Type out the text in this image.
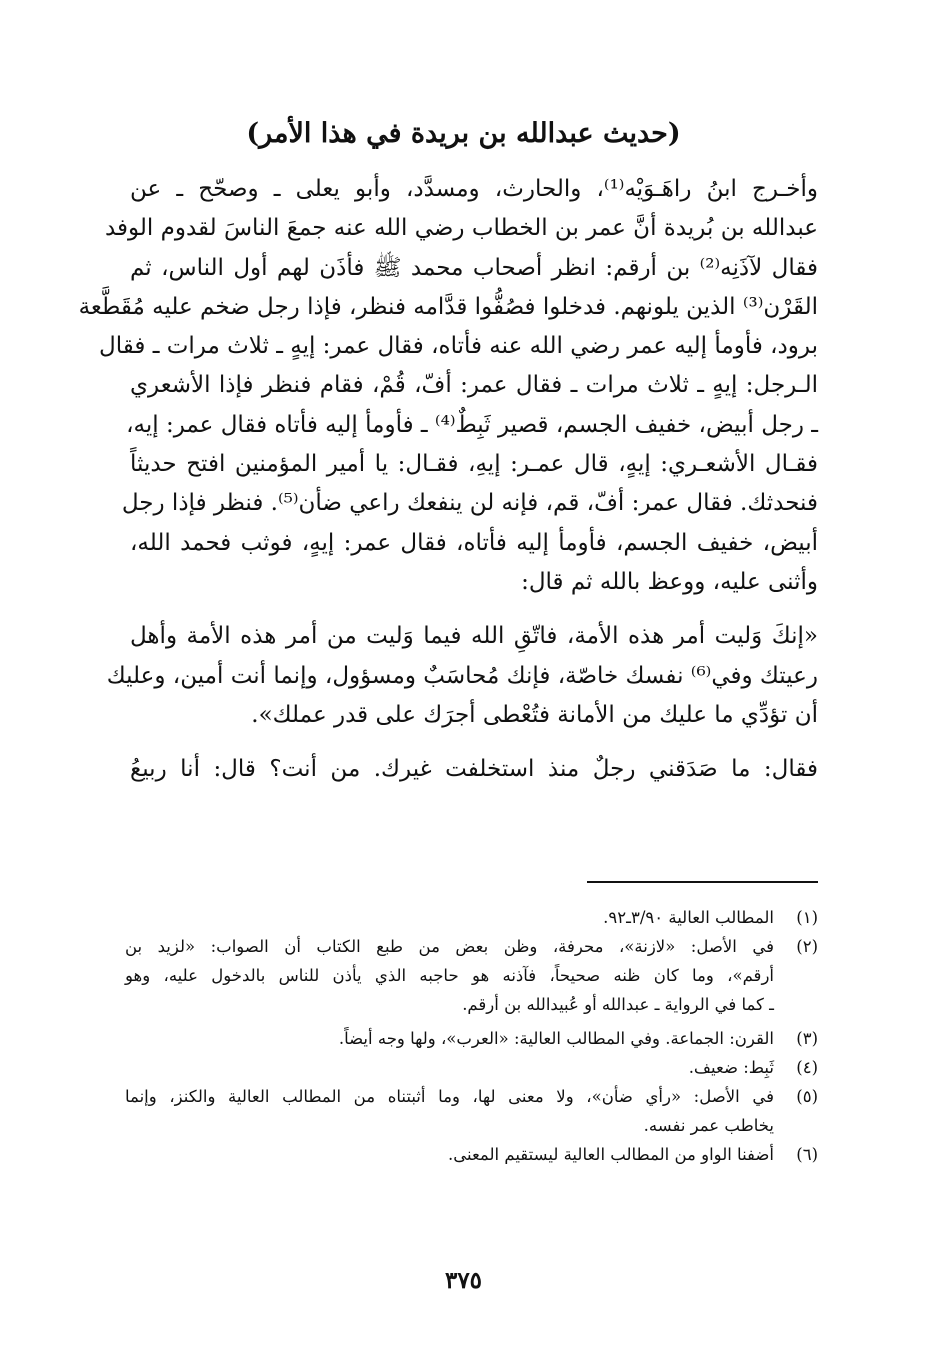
(حديث عبدالله بن بريدة في هذا الأمر)
وأخـرج ابنُ راهَـوَيْه⁽¹⁾، والحارث، ومسدَّد، وأبو يعلى ـ وصحّح ـ عن
عبدالله بن بُريدة أنَّ عمر بن الخطاب رضي الله عنه جمعَ الناسَ لقدوم الوفد
فقال لآذَنِه⁽²⁾ بن أرقم: انظر أصحاب محمد ﷺ فأذَن لهم أول الناس، ثم
القَرْن⁽³⁾ الذين يلونهم. فدخلوا فصُفُّوا قدَّامه فنظر، فإذا رجل ضخم عليه مُقَطَّعة
برود، فأومأ إليه عمر رضي الله عنه فأتاه، فقال عمر: إيهٍ ـ ثلاث مرات ـ فقال
الـرجل: إيهٍ ـ ثلاث مرات ـ فقال عمر: أفّ، قُمْ، فقام فنظر فإذا الأشعري
ـ رجل أبيض، خفيف الجسم، قصير ثَبِطٌ⁽⁴⁾ ـ فأومأ إليه فأتاه فقال عمر: إيه،
فقـال الأشعـري: إيهٍ، قال عمـر: إيهِ، فقـال: يا أمير المؤمنين افتح حديثاً
فنحدثك. فقال عمر: أفّ، قم، فإنه لن ينفعك راعي ضأن⁽⁵⁾. فنظر فإذا رجل
أبيض، خفيف الجسم، فأومأ إليه فأتاه، فقال عمر: إيهٍ، فوثب فحمد الله،
وأثنى عليه، ووعظ بالله ثم قال:
«إنكَ وَليت أمر هذه الأمة، فاتّقِ الله فيما وَليت من أمر هذه الأمة وأهل
رعيتك وفي⁽⁶⁾ نفسك خاصّة، فإنك مُحاسَبٌ ومسؤول، وإنما أنت أمين، وعليك
أن تؤدِّي ما عليك من الأمانة فتُعْطى أجرَك على قدر عملك».
فقال: ما صَدَقني رجلٌ منذ استخلفت غيرك. من أنت؟ قال: أنا ربيعُ
(١)
المطالب العالية ٣/٩٠ـ٩٢.
(٢)
في الأصل: «لازنة»، محرفة، وظن بعض من طبع الكتاب أن الصواب: «لزيد بن
أرقم»، وما كان ظنه صحيحاً، فآذنه هو حاجبه الذي يأذن للناس بالدخول عليه، وهو
ـ كما في الرواية ـ عبدالله أو عُبيدالله بن أرقم.
(٣)
القرن: الجماعة. وفي المطالب العالية: «العرب»، ولها وجه أيضاً.
(٤)
ثَبِط: ضعيف.
(٥)
في الأصل: «رأي ضأن»، ولا معنى لها، وما أثبتناه من المطالب العالية والكنز، وإنما
يخاطب عمر نفسه.
(٦)
أضفنا الواو من المطالب العالية ليستقيم المعنى.
٣٧٥
